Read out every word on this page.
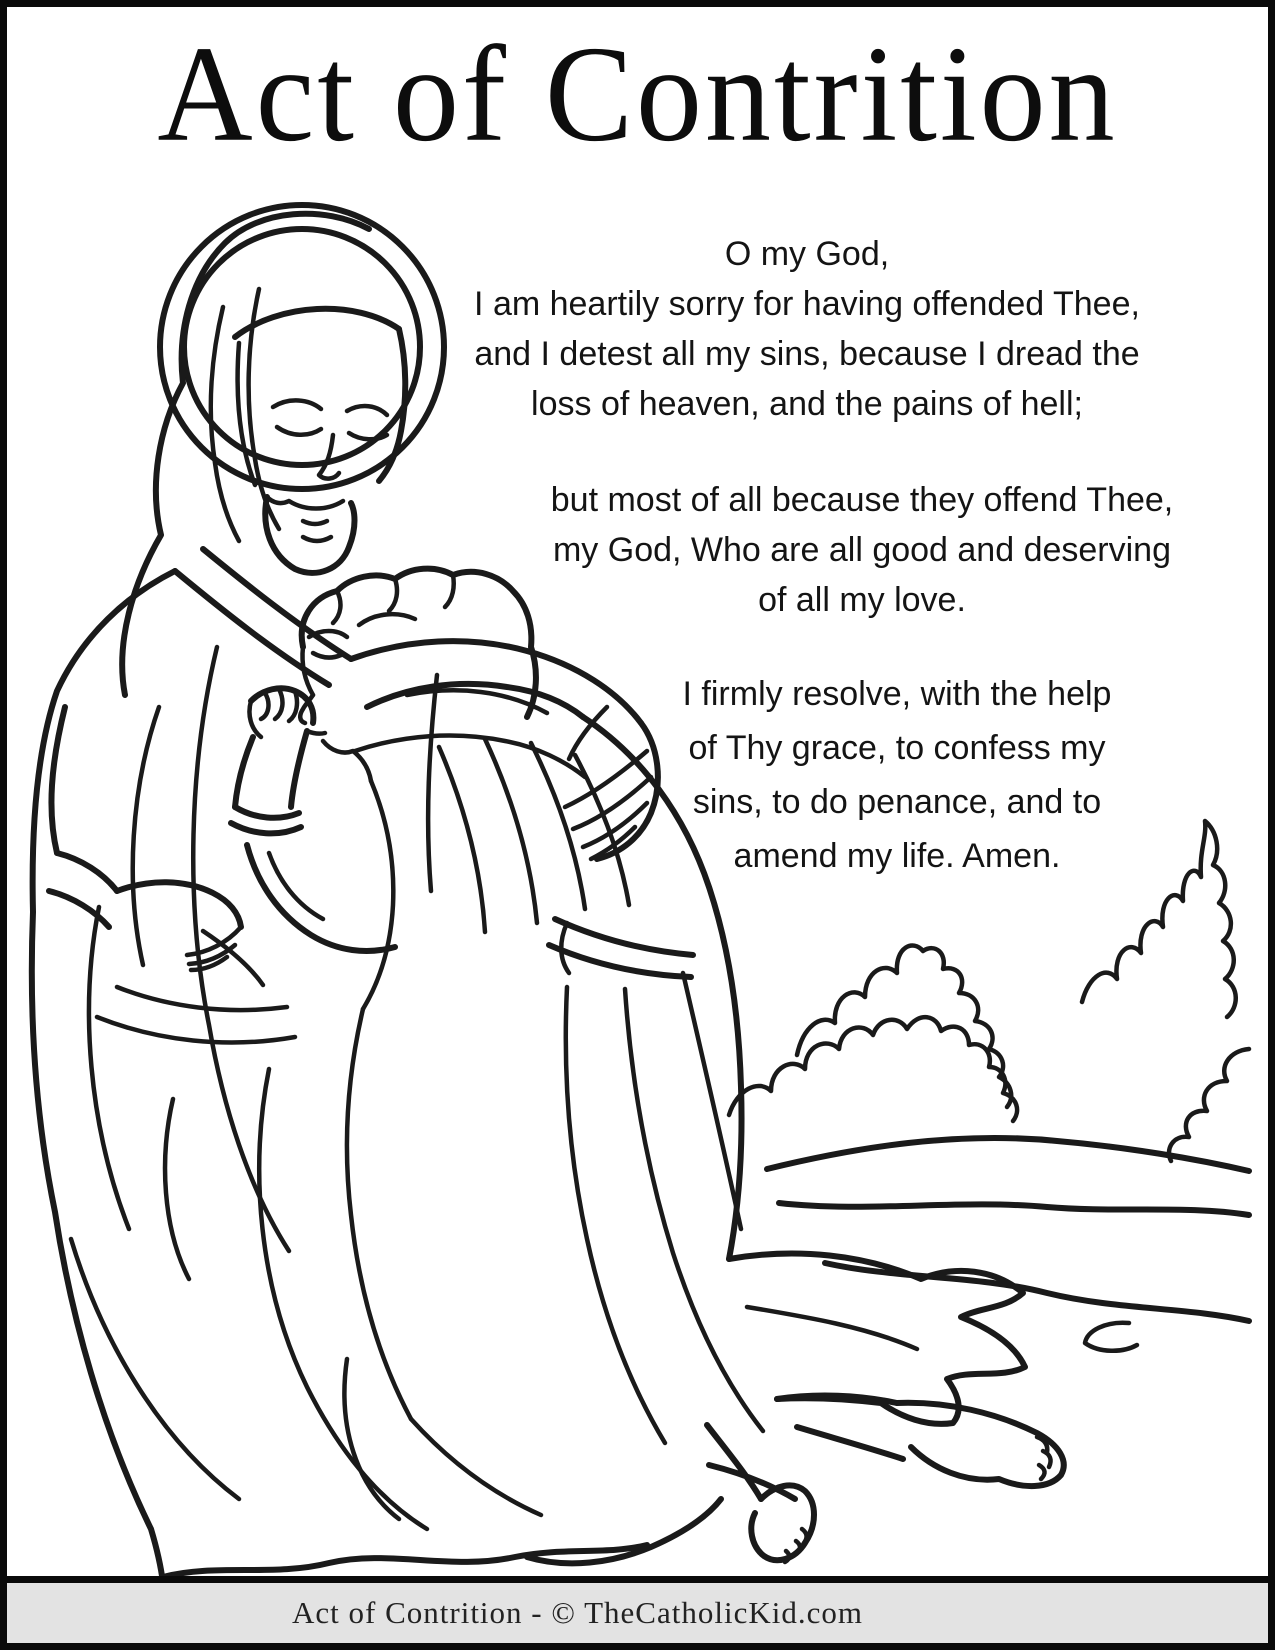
Act of Contrition
O my God,
I am heartily sorry for having offended Thee,
and I detest all my sins, because I dread the
loss of heaven, and the pains of hell;
but most of all because they offend Thee,
my God, Who are all good and deserving
of all my love.
I firmly resolve, with the help
of Thy grace, to confess my
sins, to do penance, and to
amend my life. Amen.
Act of Contrition - © TheCatholicKid.com
